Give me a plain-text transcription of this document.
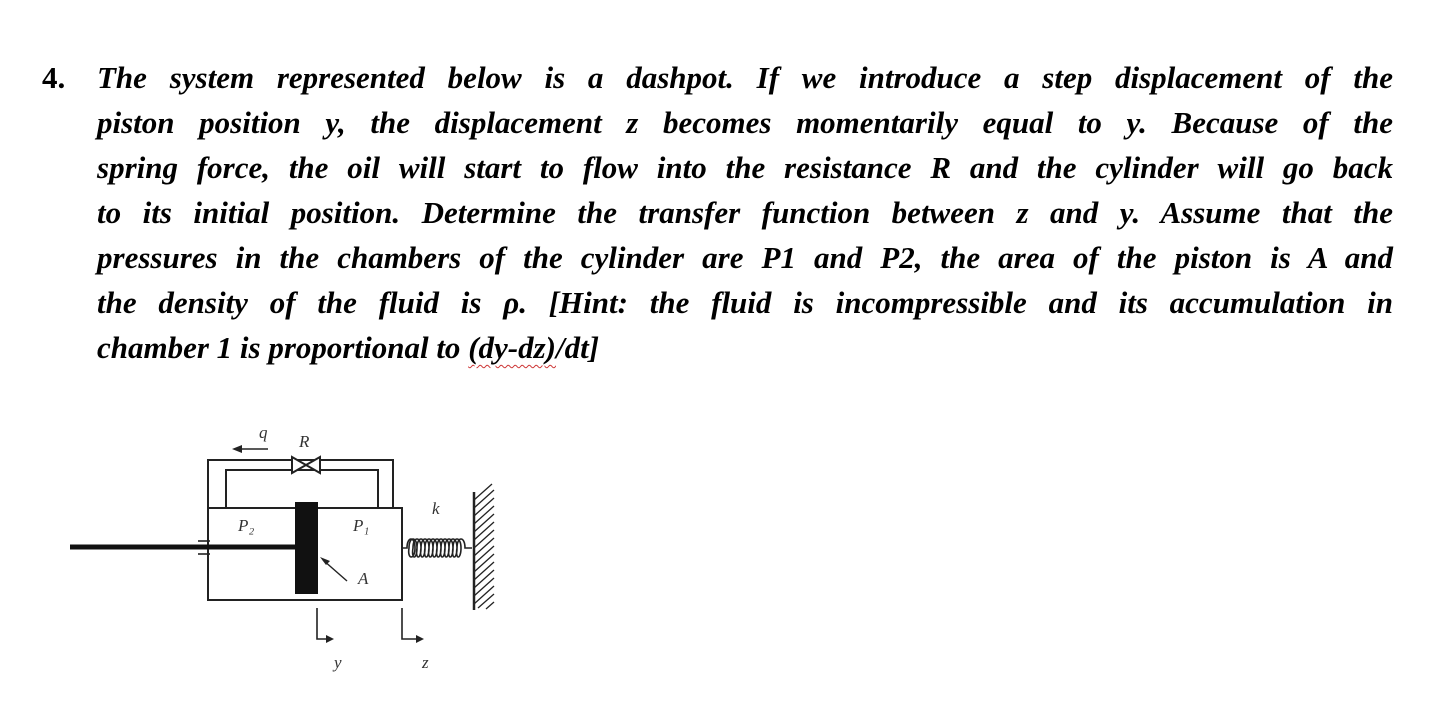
4. The system represented below is a dashpot. If we introduce a step displacement of the
piston position y, the displacement z becomes momentarily equal to y. Because of the
spring force, the oil will start to flow into the resistance R and the cylinder will go back
to its initial position. Determine the transfer function between z and y. Assume that the
pressures in the chambers of the cylinder are P1 and P2, the area of the piston is A and
the density of the fluid is ρ. [Hint: the fluid is incompressible and its accumulation in
chamber 1 is proportional to (dy-dz)/dt]
q R
P₂	P₁
A
k
y	z
